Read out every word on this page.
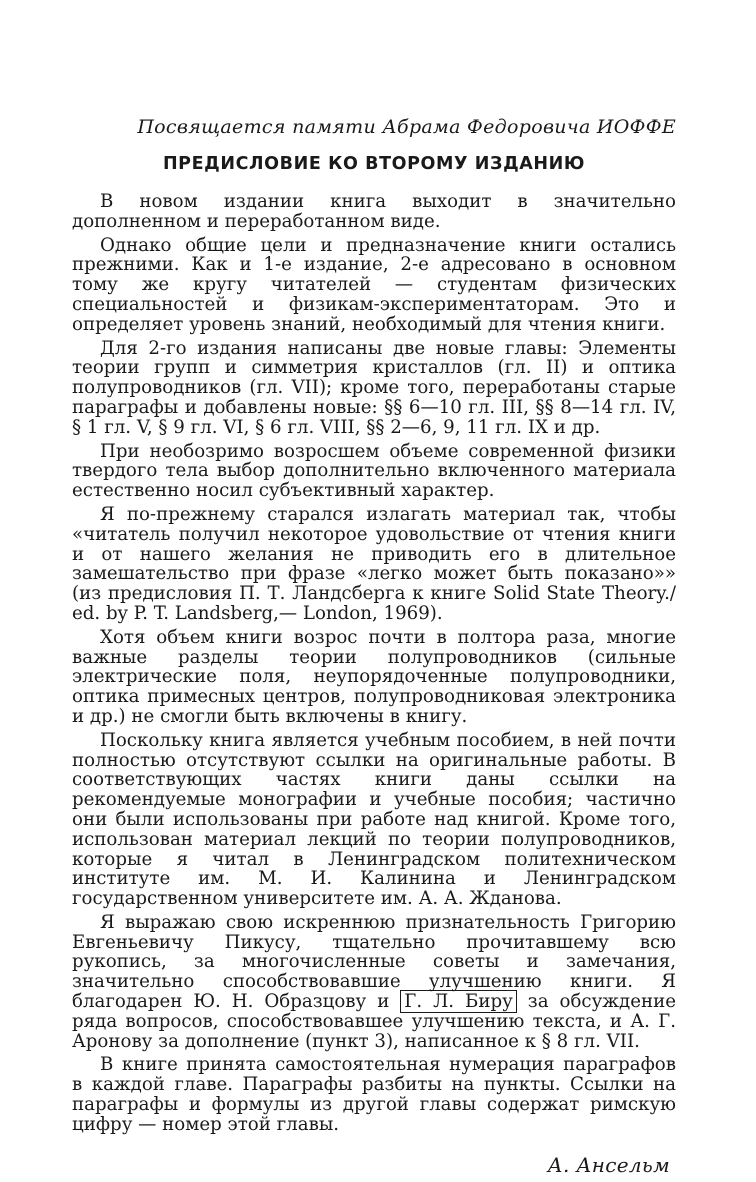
Посвящается памяти Абрама Федоровича ИОФФЕ
ПРЕДИСЛОВИЕ КО ВТОРОМУ ИЗДАНИЮ

В новом издании книга выходит в значительно дополненном и переработанном виде.

Однако общие цели и предназначение книги остались прежними. Как и 1-е издание, 2-е адресовано в основном тому же кругу читателей — студентам физических специальностей и физикам-экспериментаторам. Это и определяет уровень знаний, необходимый для чтения книги.

Для 2-го издания написаны две новые главы: Элементы теории групп и симметрия кристаллов (гл. II) и оптика полупроводников (гл. VII); кроме того, переработаны старые параграфы и добавлены новые: §§ 6—10 гл. III, §§ 8—14 гл. IV, § 1 гл. V, § 9 гл. VI, § 6 гл. VIII, §§ 2—6, 9, 11 гл. IX и др.

При необозримо возросшем объеме современной физики твердого тела выбор дополнительно включенного материала естественно носил субъективный характер.

Я по-прежнему старался излагать материал так, чтобы «читатель получил некоторое удовольствие от чтения книги и от нашего желания не приводить его в длительное замешательство при фразе «легко может быть показано»» (из предисловия П. Т. Ландсберга к книге Solid State Theory./ ed. by P. T. Landsberg,— London, 1969).

Хотя объем книги возрос почти в полтора раза, многие важные разделы теории полупроводников (сильные электрические поля, неупорядоченные полупроводники, оптика примесных центров, полупроводниковая электроника и др.) не смогли быть включены в книгу.

Поскольку книга является учебным пособием, в ней почти полностью отсутствуют ссылки на оригинальные работы. В соответствующих частях книги даны ссылки на рекомендуемые монографии и учебные пособия; частично они были использованы при работе над книгой. Кроме того, использован материал лекций по теории полупроводников, которые я читал в Ленинградском политехническом институте им. М. И. Калинина и Ленинградском государственном университете им. А. А. Жданова.

Я выражаю свою искреннюю признательность Григорию Евгеньевичу Пикусу, тщательно прочитавшему всю рукопись, за многочисленные советы и замечания, значительно способствовавшие улучшению книги. Я благодарен Ю. Н. Образцову и Г. Л. Биру за обсуждение ряда вопросов, способствовавшее улучшению текста, и А. Г. Аронову за дополнение (пункт 3), написанное к § 8 гл. VII.

В книге принята самостоятельная нумерация параграфов в каждой главе. Параграфы разбиты на пункты. Ссылки на параграфы и формулы из другой главы содержат римскую цифру — номер этой главы.

А. Ансельм
